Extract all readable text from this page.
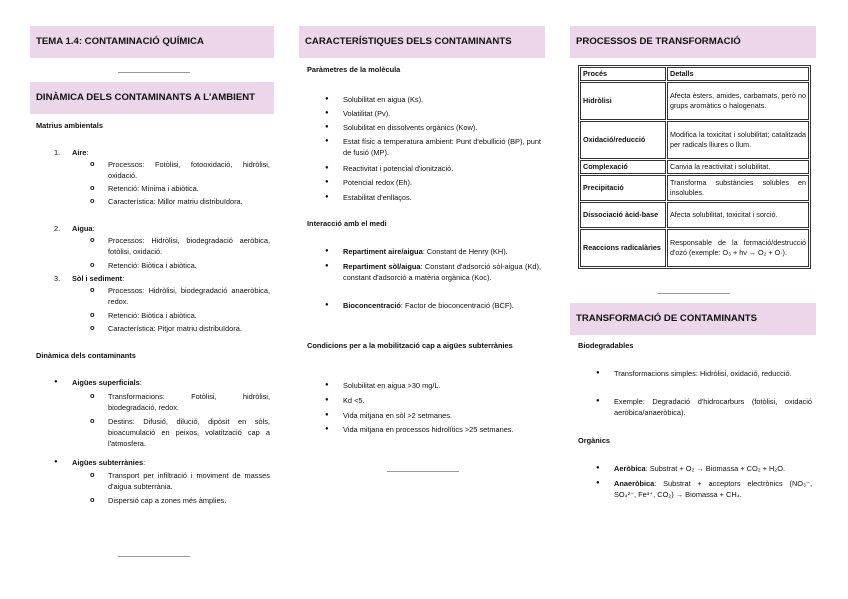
TEMA 1.4: CONTAMINACIÓ QUÍMICA
DINÀMICA DELS CONTAMINANTS A L'AMBIENT
Matrius ambientals
1. Aire:
o Processos: Fotòlisi, fotooxidació, hidròlisi, oxidació.
o Retenció: Mínima i abiòtica.
o Característica: Millor matriu distribuïdora.
2. Aigua:
o Processos: Hidròlisi, biodegradació aeròbica, fotòlisi, oxidació.
o Retenció: Biòtica i abiòtica.
3. Sòl i sediment:
o Processos: Hidròlisi, biodegradació anaeròbica, redox.
o Retenció: Biòtica i abiòtica.
o Característica: Pitjor matriu distribuïdora.
Dinàmica dels contaminants
● Aigües superficials:
o Transformacions: Fotòlisi, hidròlisi, biodegradació, redox.
o Destins: Difusió, dilució, dipòsit en sòls, bioacumulació en peixos, volatització cap a l'atmosfera.
● Aigües subterrànies:
o Transport per infiltració i moviment de masses d'aigua subterrània.
o Dispersió cap a zones més àmplies.
CARACTERÍSTIQUES DELS CONTAMINANTS
Paràmetres de la molècula
● Solubilitat en aigua (Ks).
● Volatilitat (Pv).
● Solubilitat en dissolvents orgànics (Kow).
● Estat físic a temperatura ambient: Punt d'ebullició (BP), punt de fusió (MP).
● Reactivitat i potencial d'ionització.
● Potencial redox (Eh).
● Estabilitat d'enllaços.
Interacció amb el medi
● Repartiment aire/aigua: Constant de Henry (KH).
● Repartiment sòl/aigua: Constant d'adsorció sòl-aigua (Kd), constant d'adsorció a matèria orgànica (Koc).
● Bioconcentració: Factor de bioconcentració (BCF).
Condicions per a la mobilització cap a aigües subterrànies
● Solubilitat en aigua >30 mg/L.
● Kd <5.
● Vida mitjana en sòl >2 setmanes.
● Vida mitjana en processos hidrolítics >25 setmanes.
PROCESSOS DE TRANSFORMACIÓ
Procés	Detalls
Hidròlisi	Afecta èsters, amides, carbamats, però no grups aromàtics o halogenats.
Oxidació/reducció	Modifica la toxicitat i solubilitat; catalitzada per radicals lliures o llum.
Complexació	Canvia la reactivitat i solubilitat.
Precipitació	Transforma substàncies solubles en insolubles.
Dissociació àcid-base	Afecta solubilitat, toxicitat i sorció.
Reaccions radicalàries	Responsable de la formació/destrucció d'ozó (exemple: O₃ + hν → O₂ + O·).
TRANSFORMACIÓ DE CONTAMINANTS
Biodegradables
● Transformacions simples: Hidròlisi, oxidació, reducció.
● Exemple: Degradació d'hidrocarburs (fotòlisi, oxidació aeròbica/anaeròbica).
Orgànics
● Aeròbica: Substrat + O₂ → Biomassa + CO₂ + H₂O.
● Anaeròbica: Substrat + acceptors electrònics (NO₃⁻, SO₄²⁻, Fe³⁺, CO₂) → Biomassa + CH₄.
